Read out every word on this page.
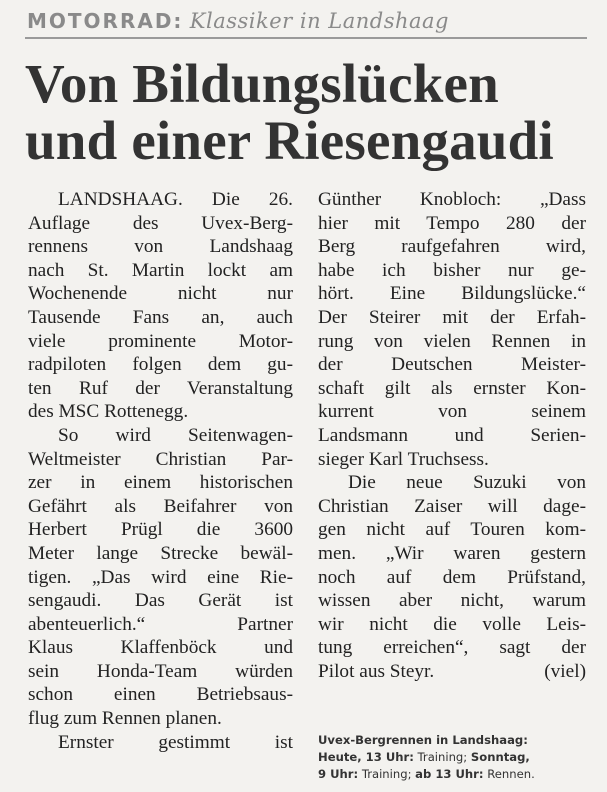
MOTORRAD: Klassiker in Landshaag
Von Bildungslücken
und einer Riesengaudi
LANDSHAAG. Die 26.
Auflage des Uvex-Berg-
rennens von Landshaag
nach St. Martin lockt am
Wochenende nicht nur
Tausende Fans an, auch
viele prominente Motor-
radpiloten folgen dem gu-
ten Ruf der Veranstaltung
des MSC Rottenegg.
So wird Seitenwagen-
Weltmeister Christian Par-
zer in einem historischen
Gefährt als Beifahrer von
Herbert Prügl die 3600
Meter lange Strecke bewäl-
tigen. „Das wird eine Rie-
sengaudi. Das Gerät ist
abenteuerlich.“ Partner
Klaus Klaffenböck und
sein Honda-Team würden
schon einen Betriebsaus-
flug zum Rennen planen.
Ernster gestimmt ist
Günther Knobloch: „Dass
hier mit Tempo 280 der
Berg raufgefahren wird,
habe ich bisher nur ge-
hört. Eine Bildungslücke.“
Der Steirer mit der Erfah-
rung von vielen Rennen in
der Deutschen Meister-
schaft gilt als ernster Kon-
kurrent von seinem
Landsmann und Serien-
sieger Karl Truchsess.
Die neue Suzuki von
Christian Zaiser will dage-
gen nicht auf Touren kom-
men. „Wir waren gestern
noch auf dem Prüfstand,
wissen aber nicht, warum
wir nicht die volle Leis-
tung erreichen“, sagt der
Pilot aus Steyr.	(viel)
Uvex-Bergrennen in Landshaag:
Heute, 13 Uhr: Training; Sonntag,
9 Uhr: Training; ab 13 Uhr: Rennen.
